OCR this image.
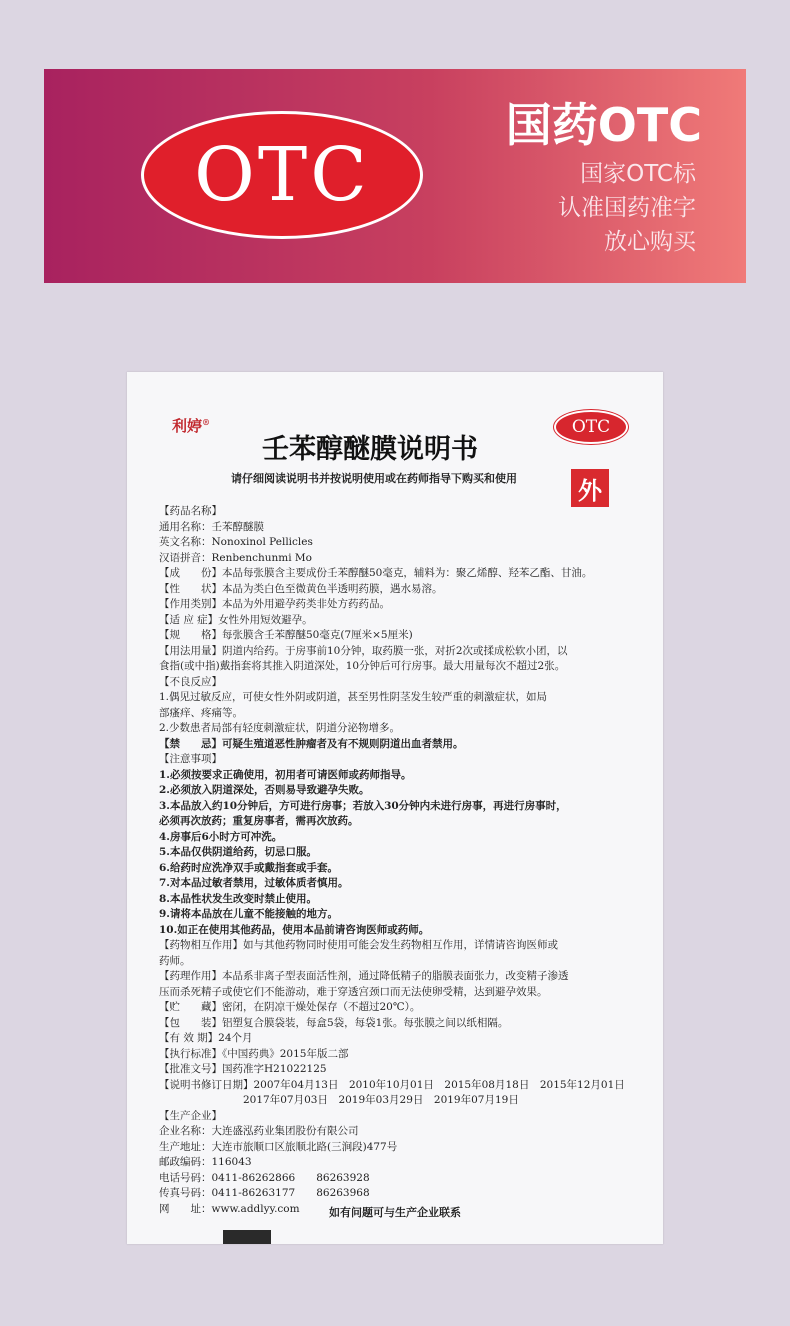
OTC
国药OTC
国家OTC标
认准国药准字
放心购买
利婷®
壬苯醇醚膜说明书
OTC
请仔细阅读说明书并按说明使用或在药师指导下购买和使用	外
【药品名称】
通用名称：壬苯醇醚膜
英文名称：Nonoxinol Pellicles
汉语拼音：Renbenchunmi Mo
【成　　份】本品每张膜含主要成份壬苯醇醚50毫克，辅料为：聚乙烯醇、羟苯乙酯、甘油。
【性　　状】本品为类白色至微黄色半透明药膜，遇水易溶。
【作用类别】本品为外用避孕药类非处方药药品。
【适 应 症】女性外用短效避孕。
【规　　格】每张膜含壬苯醇醚50毫克(7厘米×5厘米)
【用法用量】阴道内给药。于房事前10分钟，取药膜一张，对折2次或揉成松软小团，以
食指(或中指)戴指套将其推入阴道深处，10分钟后可行房事。最大用量每次不超过2张。
【不良反应】
1.偶见过敏反应，可使女性外阴或阴道，甚至男性阴茎发生较严重的刺激症状，如局
部瘙痒、疼痛等。
2.少数患者局部有轻度刺激症状，阴道分泌物增多。
【禁　　忌】可疑生殖道恶性肿瘤者及有不规则阴道出血者禁用。
【注意事项】
1.必须按要求正确使用，初用者可请医师或药师指导。
2.必须放入阴道深处，否则易导致避孕失败。
3.本品放入约10分钟后，方可进行房事；若放入30分钟内未进行房事，再进行房事时，
必须再次放药；重复房事者，需再次放药。
4.房事后6小时方可冲洗。
5.本品仅供阴道给药，切忌口服。
6.给药时应洗净双手或戴指套或手套。
7.对本品过敏者禁用，过敏体质者慎用。
8.本品性状发生改变时禁止使用。
9.请将本品放在儿童不能接触的地方。
10.如正在使用其他药品，使用本品前请咨询医师或药师。
【药物相互作用】如与其他药物同时使用可能会发生药物相互作用，详情请咨询医师或
药师。
【药理作用】本品系非离子型表面活性剂，通过降低精子的脂膜表面张力，改变精子渗透
压而杀死精子或使它们不能游动，难于穿透宫颈口而无法使卵受精，达到避孕效果。
【贮　　藏】密闭，在阴凉干燥处保存（不超过20℃）。
【包　　装】铝塑复合膜袋装，每盒5袋，每袋1张。每张膜之间以纸相隔。
【有 效 期】24个月
【执行标准】《中国药典》2015年版二部
【批准文号】国药准字H21022125
【说明书修订日期】2007年04月13日　2010年10月01日　2015年08月18日　2015年12月01日
　　　　　　　　2017年07月03日　2019年03月29日　2019年07月19日
【生产企业】
企业名称：大连盛泓药业集团股份有限公司
生产地址：大连市旅顺口区旅顺北路(三涧段)477号
邮政编码：116043
电话号码：0411-86262866　　86263928
传真号码：0411-86263177　　86263968
网　　址：www.addlyy.com	如有问题可与生产企业联系
